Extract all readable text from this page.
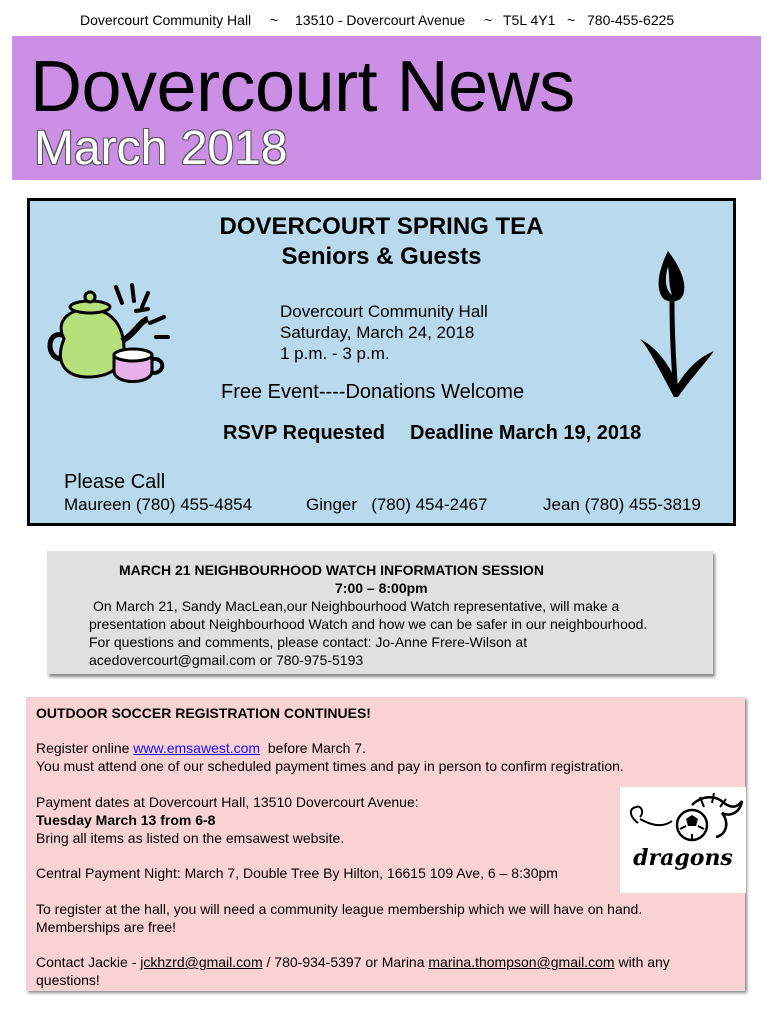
Dovercourt Community Hall ~ 13510 - Dovercourt Avenue ~ T5L 4Y1 ~ 780-455-6225
Dovercourt News
March 2018
DOVERCOURT SPRING TEA
Seniors & Guests
Dovercourt Community Hall
Saturday, March 24, 2018
1 p.m. - 3 p.m.
Free Event----Donations Welcome
RSVP Requested Deadline March 19, 2018
Please Call
Maureen (780) 455-4854	Ginger   (780) 454-2467	Jean (780) 455-3819
MARCH 21 NEIGHBOURHOOD WATCH INFORMATION SESSION
7:00 – 8:00pm
On March 21, Sandy MacLean,our Neighbourhood Watch representative, will make a
presentation about Neighbourhood Watch and how we can be safer in our neighbourhood.
For questions and comments, please contact: Jo-Anne Frere-Wilson at
acedovercourt@gmail.com or 780-975-5193
OUTDOOR SOCCER REGISTRATION CONTINUES!
Register online www.emsawest.com  before March 7.
You must attend one of our scheduled payment times and pay in person to confirm registration.
Payment dates at Dovercourt Hall, 13510 Dovercourt Avenue:
Tuesday March 13 from 6-8
Bring all items as listed on the emsawest website.
Central Payment Night: March 7, Double Tree By Hilton, 16615 109 Ave, 6 – 8:30pm
To register at the hall, you will need a community league membership which we will have on hand.
Memberships are free!
Contact Jackie - jckhzrd@gmail.com / 780-934-5397 or Marina marina.thompson@gmail.com with any
questions!
dragons
